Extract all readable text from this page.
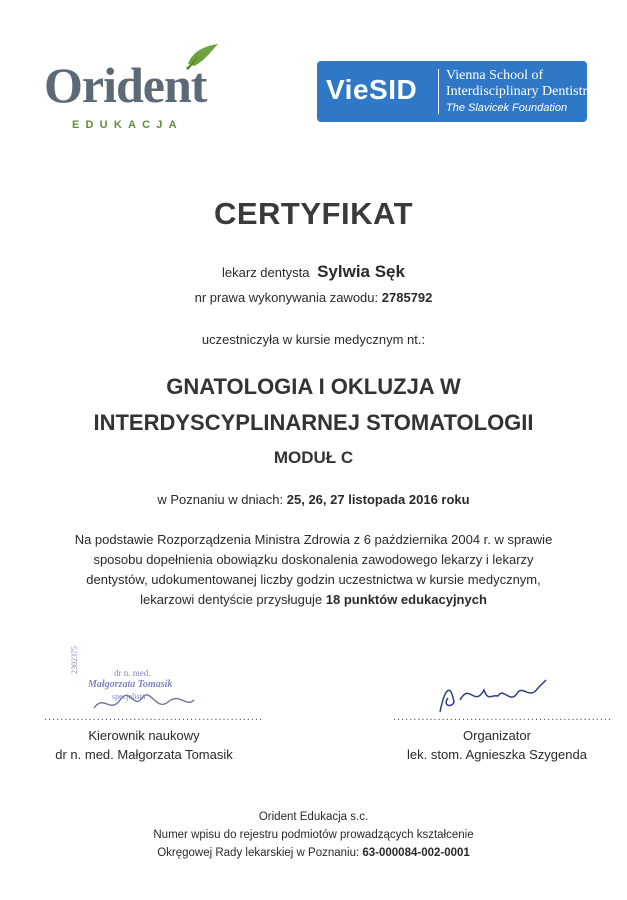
Orident
EDUKACJA
VieSID Vienna School of
Interdisciplinary Dentistry
The Slavicek Foundation
CERTYFIKAT
lekarz dentysta Sylwia Sęk
nr prawa wykonywania zawodu: 2785792
uczestniczyła w kursie medycznym nt.:
GNATOLOGIA I OKLUZJA W
INTERDYSCYPLINARNEJ STOMATOLOGII
MODUŁ C
w Poznaniu w dniach: 25, 26, 27 listopada 2016 roku
Na podstawie Rozporządzenia Ministra Zdrowia z 6 października 2004 r. w sprawie
sposobu dopełnienia obowiązku doskonalenia zawodowego lekarzy i lekarzy
dentystów, udokumentowanej liczby godzin uczestnictwa w kursie medycznym,
lekarzowi dentyście przysługuje 18 punktów edukacyjnych
2302375	dr n. med.
Małgorzata Tomasik
specjalista
......................................................
Kierownik naukowy
dr n. med. Małgorzata Tomasik
......................................................
Organizator
lek. stom. Agnieszka Szygenda
Orident Edukacja s.c.
Numer wpisu do rejestru podmiotów prowadzących kształcenie
Okręgowej Rady lekarskiej w Poznaniu: 63-000084-002-0001
